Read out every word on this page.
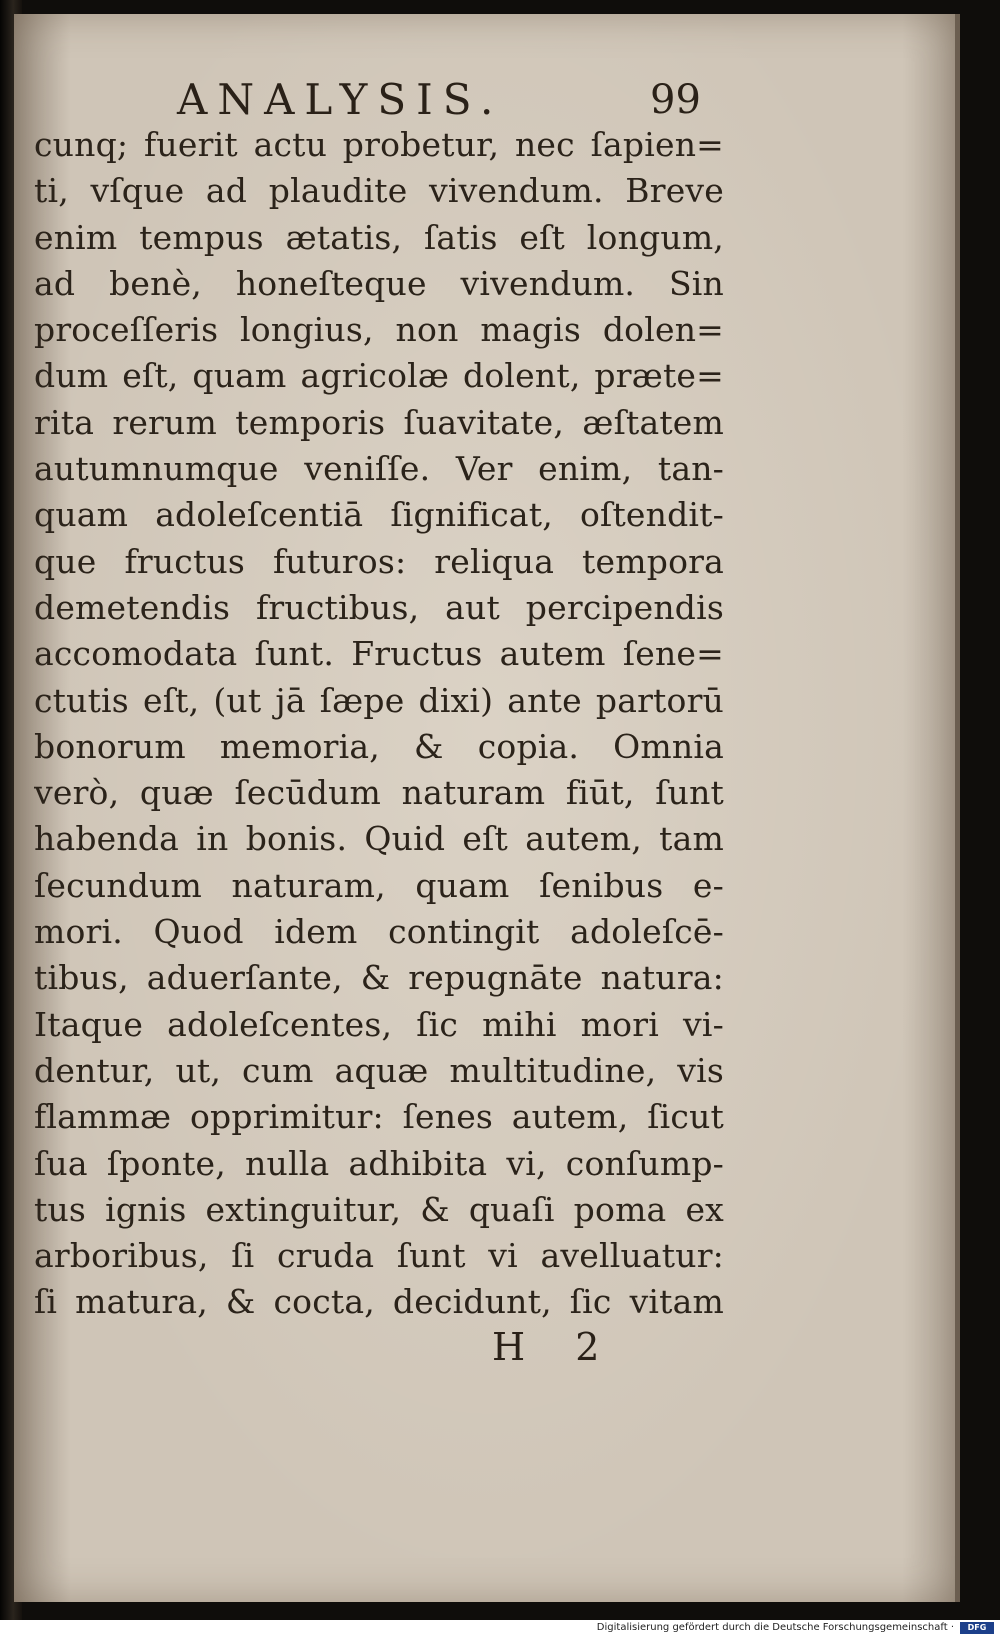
ANALYSIS.	99
cunq; fuerit actu probetur, nec ſapien=
ti, vſque ad plaudite vivendum. Breve
enim tempus ætatis, ſatis eſt longum,
ad benè, honeſteque vivendum. Sin
proceſſeris longius, non magis dolen=
dum eſt, quam agricolæ dolent, præte=
rita rerum temporis ſuavitate, æſtatem
autumnumque veniſſe. Ver enim, tan-
quam adoleſcentiā ſignificat, oſtendit-
que fructus futuros: reliqua tempora
demetendis fructibus, aut percipendis
accomodata ſunt. Fructus autem ſene=
ctutis eſt, (ut jā ſæpe dixi) ante partorū
bonorum memoria, & copia. Omnia
verò, quæ ſecūdum naturam fiūt, ſunt
habenda in bonis. Quid eſt autem, tam
ſecundum naturam, quam ſenibus e-
mori. Quod idem contingit adoleſcē-
tibus, aduerſante, & repugnāte natura:
Itaque adoleſcentes, ſic mihi mori vi-
dentur, ut, cum aquæ multitudine, vis
flammæ opprimitur: ſenes autem, ſicut
ſua ſponte, nulla adhibita vi, conſump-
tus ignis extinguitur, & quaſi poma ex
arboribus, ſi cruda ſunt vi avelluatur:
ſi matura, & cocta, decidunt, ſic vitam
H 2
Digitalisierung gefördert durch die Deutsche Forschungsgemeinschaft ·	DFG
